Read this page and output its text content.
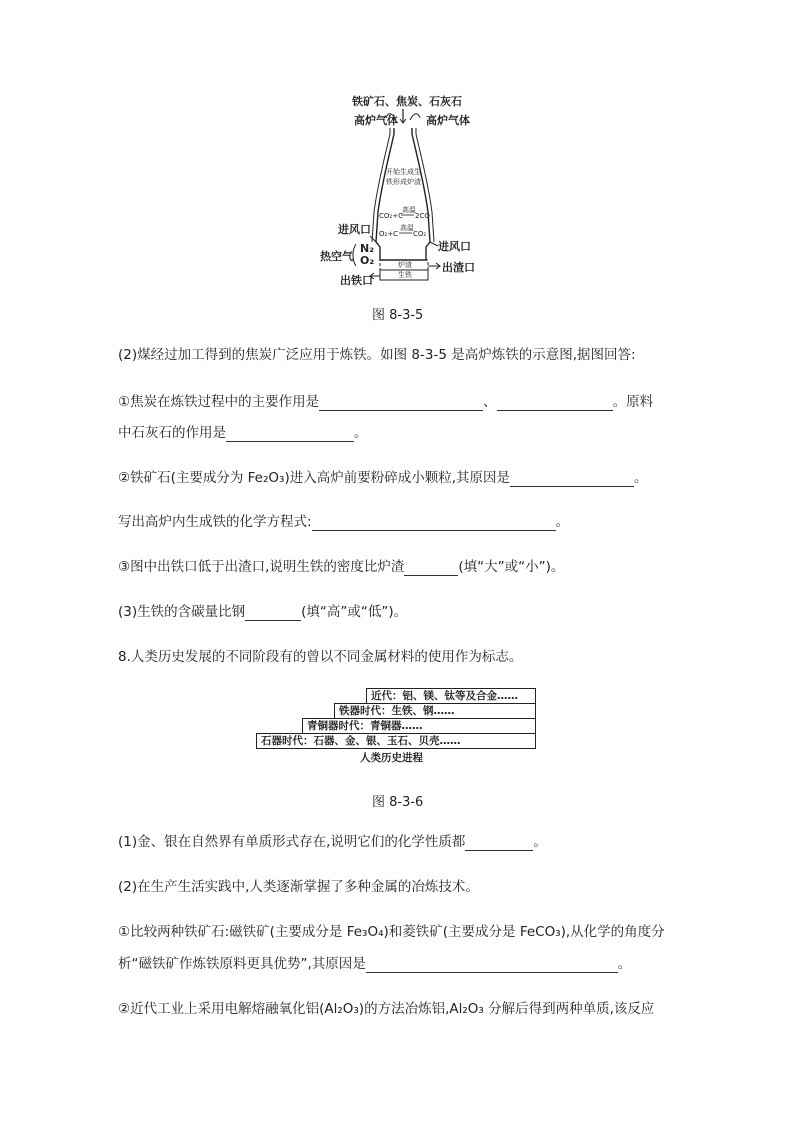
铁矿石、焦炭、石灰石
高炉气体	高炉气体
开始生成生
铁形成炉渣
CO₂+C
高温
2CO
O₂+C
高温
CO₂
进风口
进风口
热空气
N₂
O₂	炉渣
生铁
出渣口
出铁口
图 8-3-5
(2)煤经过加工得到的焦炭广泛应用于炼铁。如图 8-3-5 是高炉炼铁的示意图,据图回答:
①焦炭在炼铁过程中的主要作用是	、	。原料
中石灰石的作用是	。
②铁矿石(主要成分为 Fe₂O₃)进入高炉前要粉碎成小颗粒,其原因是	。
写出高炉内生成铁的化学方程式:	。
③图中出铁口低于出渣口,说明生铁的密度比炉渣	(填“大”或“小”)。
(3)生铁的含碳量比钢	(填“高”或“低”)。
8.人类历史发展的不同阶段有的曾以不同金属材料的使用作为标志。
近代：铝、镁、钛等及合金……
铁器时代：生铁、钢……
青铜器时代：青铜器……
石器时代：石器、金、银、玉石、贝壳……
人类历史进程
图 8-3-6
(1)金、银在自然界有单质形式存在,说明它们的化学性质都	。
(2)在生产生活实践中,人类逐渐掌握了多种金属的冶炼技术。
①比较两种铁矿石:磁铁矿(主要成分是 Fe₃O₄)和菱铁矿(主要成分是 FeCO₃),从化学的角度分
析“磁铁矿作炼铁原料更具优势”,其原因是	。
②近代工业上采用电解熔融氧化铝(Al₂O₃)的方法冶炼铝,Al₂O₃ 分解后得到两种单质,该反应
